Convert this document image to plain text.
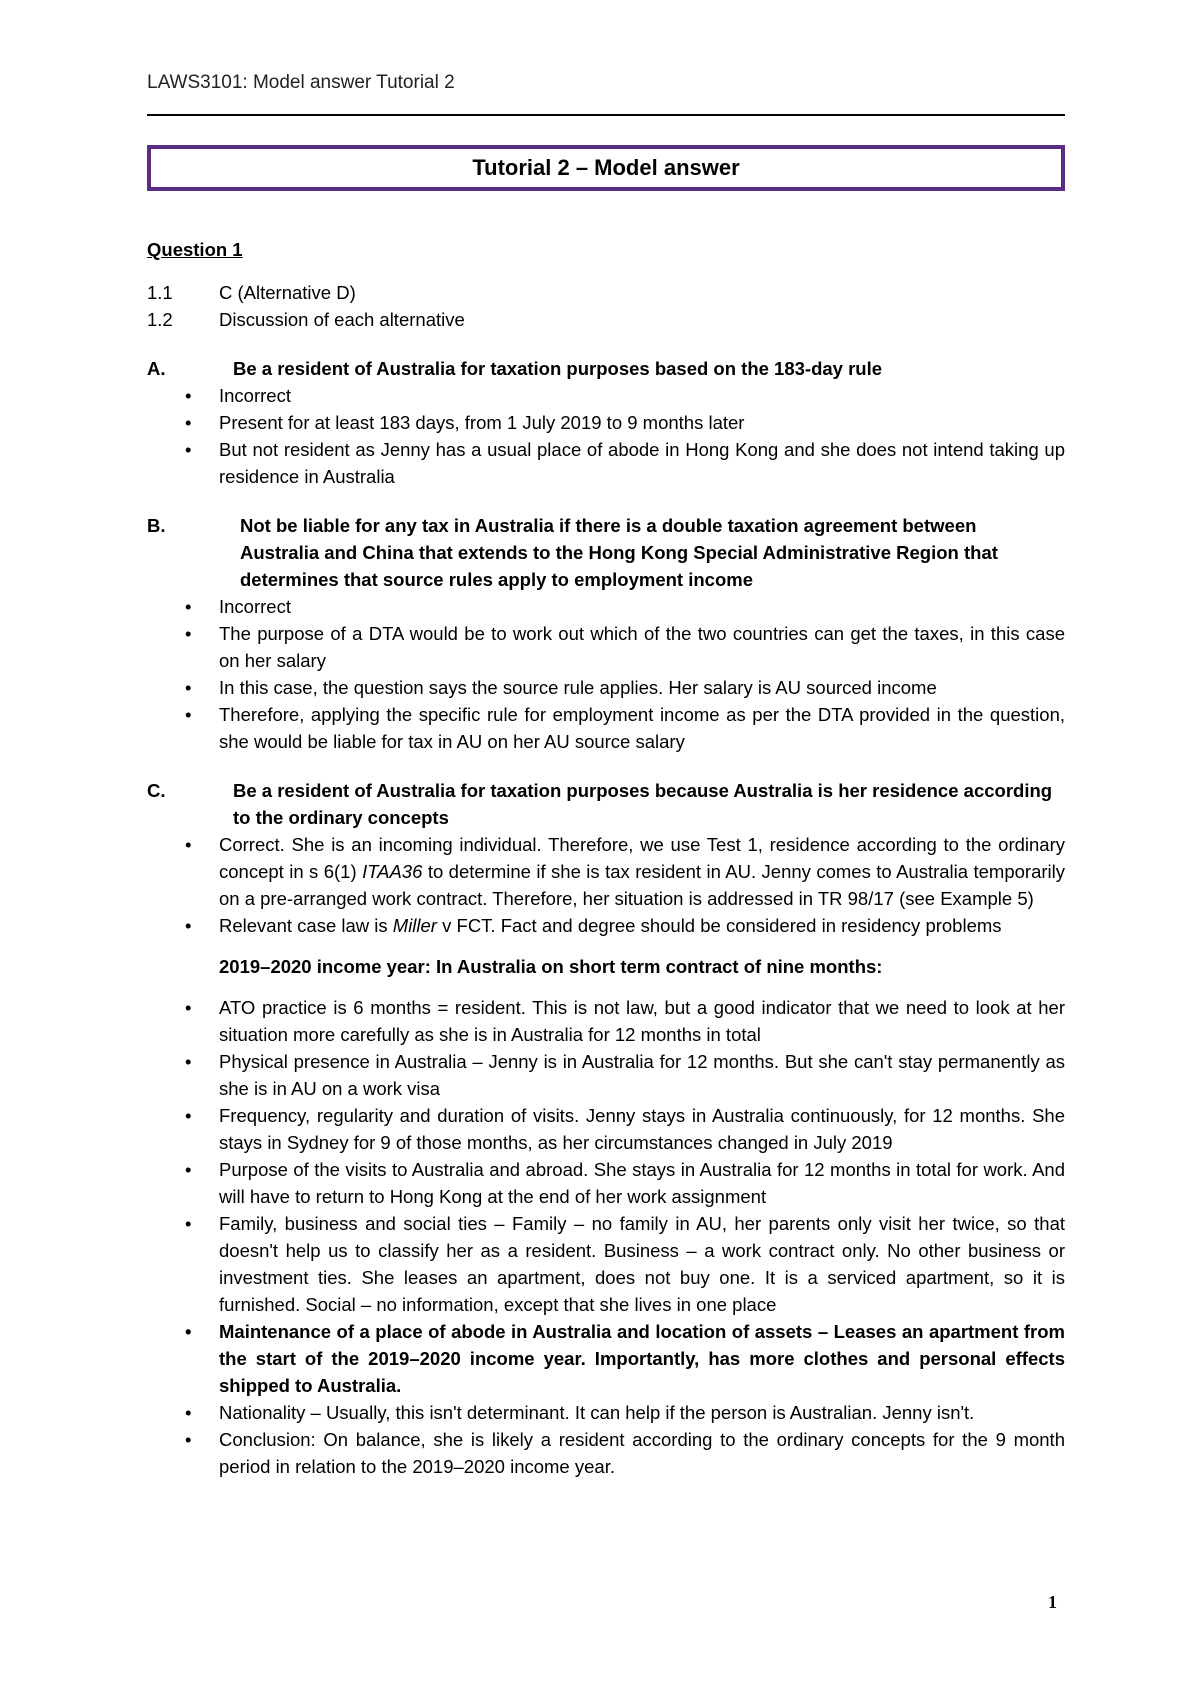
LAWS3101: Model answer Tutorial 2
Tutorial 2 – Model answer
Question 1
1.1	C (Alternative D)
1.2	Discussion of each alternative
A.	Be a resident of Australia for taxation purposes based on the 183-day rule
• Incorrect
• Present for at least 183 days, from 1 July 2019 to 9 months later
• But not resident as Jenny has a usual place of abode in Hong Kong and she does not intend taking up residence in Australia
B.	Not be liable for any tax in Australia if there is a double taxation agreement between Australia and China that extends to the Hong Kong Special Administrative Region that determines that source rules apply to employment income
• Incorrect
• The purpose of a DTA would be to work out which of the two countries can get the taxes, in this case on her salary
• In this case, the question says the source rule applies. Her salary is AU sourced income
• Therefore, applying the specific rule for employment income as per the DTA provided in the question, she would be liable for tax in AU on her AU source salary
C.	Be a resident of Australia for taxation purposes because Australia is her residence according to the ordinary concepts
• Correct. She is an incoming individual. Therefore, we use Test 1, residence according to the ordinary concept in s 6(1) ITAA36 to determine if she is tax resident in AU. Jenny comes to Australia temporarily on a pre-arranged work contract. Therefore, her situation is addressed in TR 98/17 (see Example 5)
• Relevant case law is Miller v FCT. Fact and degree should be considered in residency problems
2019–2020 income year: In Australia on short term contract of nine months:
• ATO practice is 6 months = resident. This is not law, but a good indicator that we need to look at her situation more carefully as she is in Australia for 12 months in total
• Physical presence in Australia – Jenny is in Australia for 12 months. But she can't stay permanently as she is in AU on a work visa
• Frequency, regularity and duration of visits. Jenny stays in Australia continuously, for 12 months. She stays in Sydney for 9 of those months, as her circumstances changed in July 2019
• Purpose of the visits to Australia and abroad. She stays in Australia for 12 months in total for work. And will have to return to Hong Kong at the end of her work assignment
• Family, business and social ties – Family – no family in AU, her parents only visit her twice, so that doesn't help us to classify her as a resident. Business – a work contract only. No other business or investment ties. She leases an apartment, does not buy one. It is a serviced apartment, so it is furnished. Social – no information, except that she lives in one place
• Maintenance of a place of abode in Australia and location of assets – Leases an apartment from the start of the 2019–2020 income year. Importantly, has more clothes and personal effects shipped to Australia.
• Nationality – Usually, this isn't determinant. It can help if the person is Australian. Jenny isn't.
• Conclusion: On balance, she is likely a resident according to the ordinary concepts for the 9 month period in relation to the 2019–2020 income year.
1
